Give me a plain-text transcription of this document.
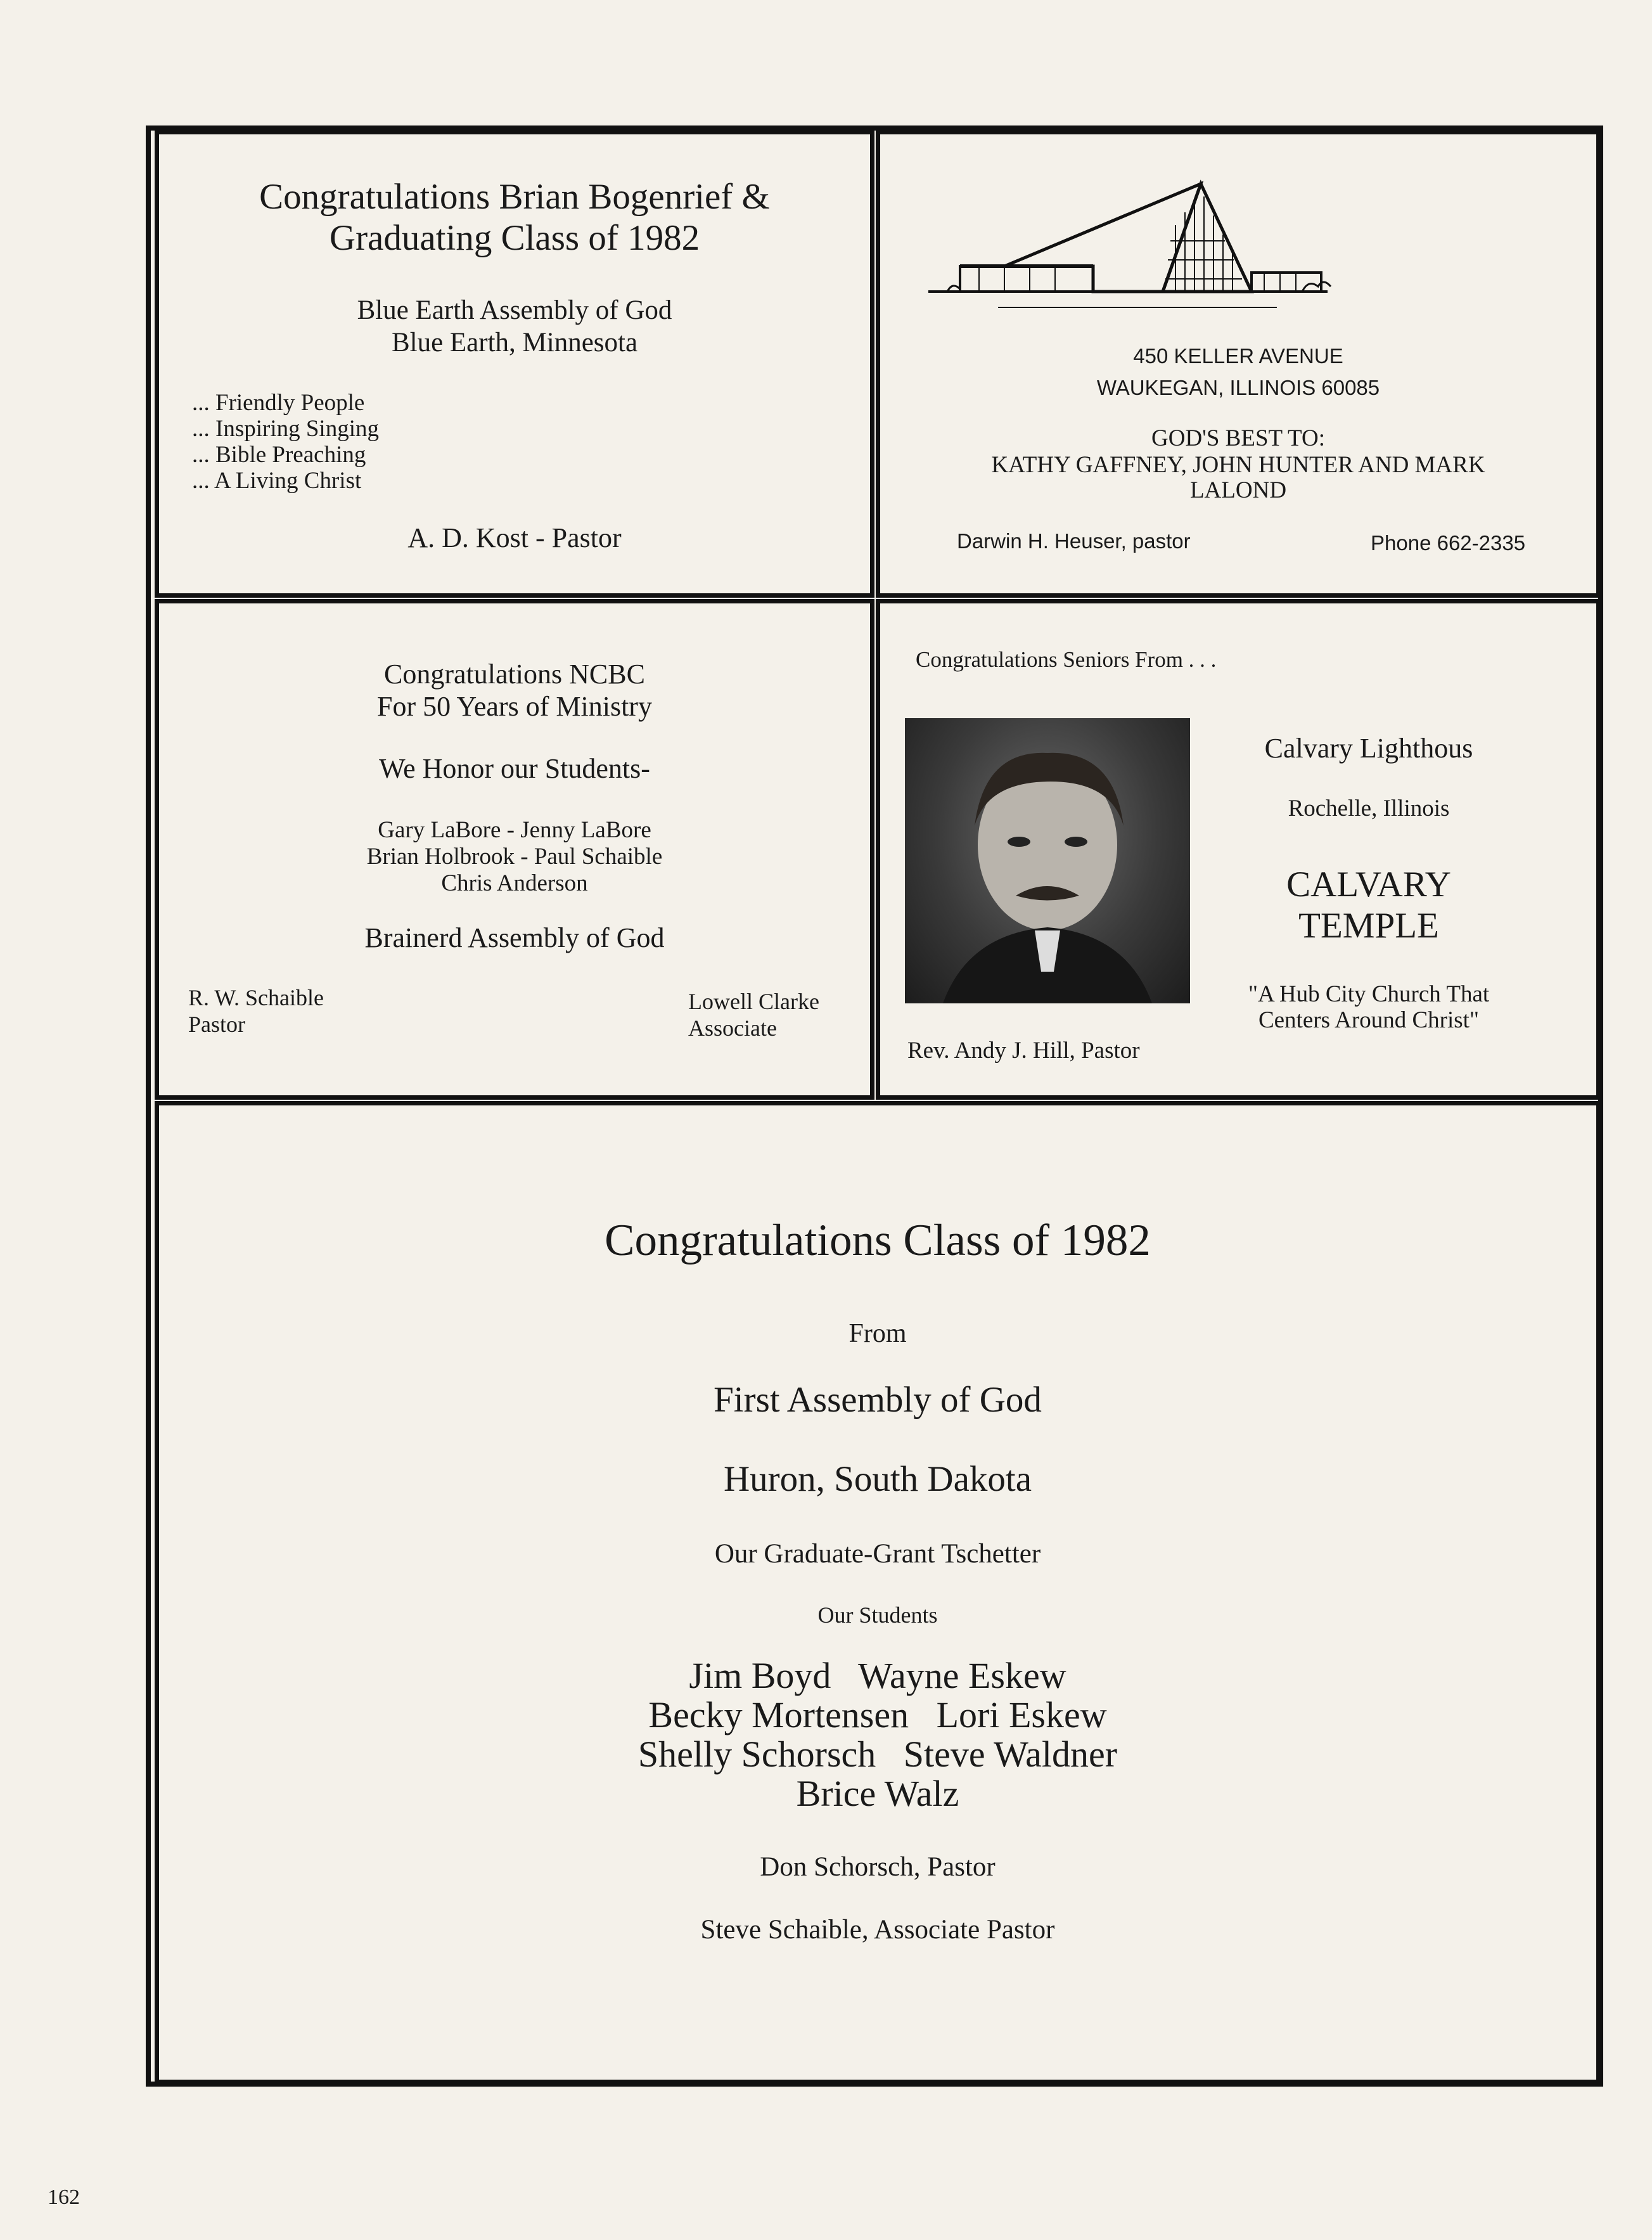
Congratulations Brian Bogenrief &
Graduating Class of 1982
Blue Earth Assembly of God
Blue Earth, Minnesota
... Friendly People
... Inspiring Singing
... Bible Preaching
... A Living Christ
A. D. Kost - Pastor
450 KELLER AVENUE
WAUKEGAN, ILLINOIS 60085
GOD'S BEST TO:
KATHY GAFFNEY, JOHN HUNTER AND MARK
LALOND
Darwin H. Heuser, pastor	Phone 662-2335
Congratulations NCBC
For 50 Years of Ministry
We Honor our Students-
Gary LaBore - Jenny LaBore
Brian Holbrook - Paul Schaible
Chris Anderson
Brainerd Assembly of God
R. W. Schaible
Pastor
Lowell Clarke
Associate
Congratulations Seniors From . . .
Calvary Lighthous
Rochelle, Illinois
CALVARY
TEMPLE
"A Hub City Church That
Centers Around Christ"
Rev. Andy J. Hill, Pastor
Congratulations Class of 1982
From
First Assembly of God
Huron, South Dakota
Our Graduate-Grant Tschetter
Our Students
Jim Boyd   Wayne Eskew
Becky Mortensen   Lori Eskew
Shelly Schorsch   Steve Waldner
Brice Walz
Don Schorsch, Pastor
Steve Schaible, Associate Pastor
162
